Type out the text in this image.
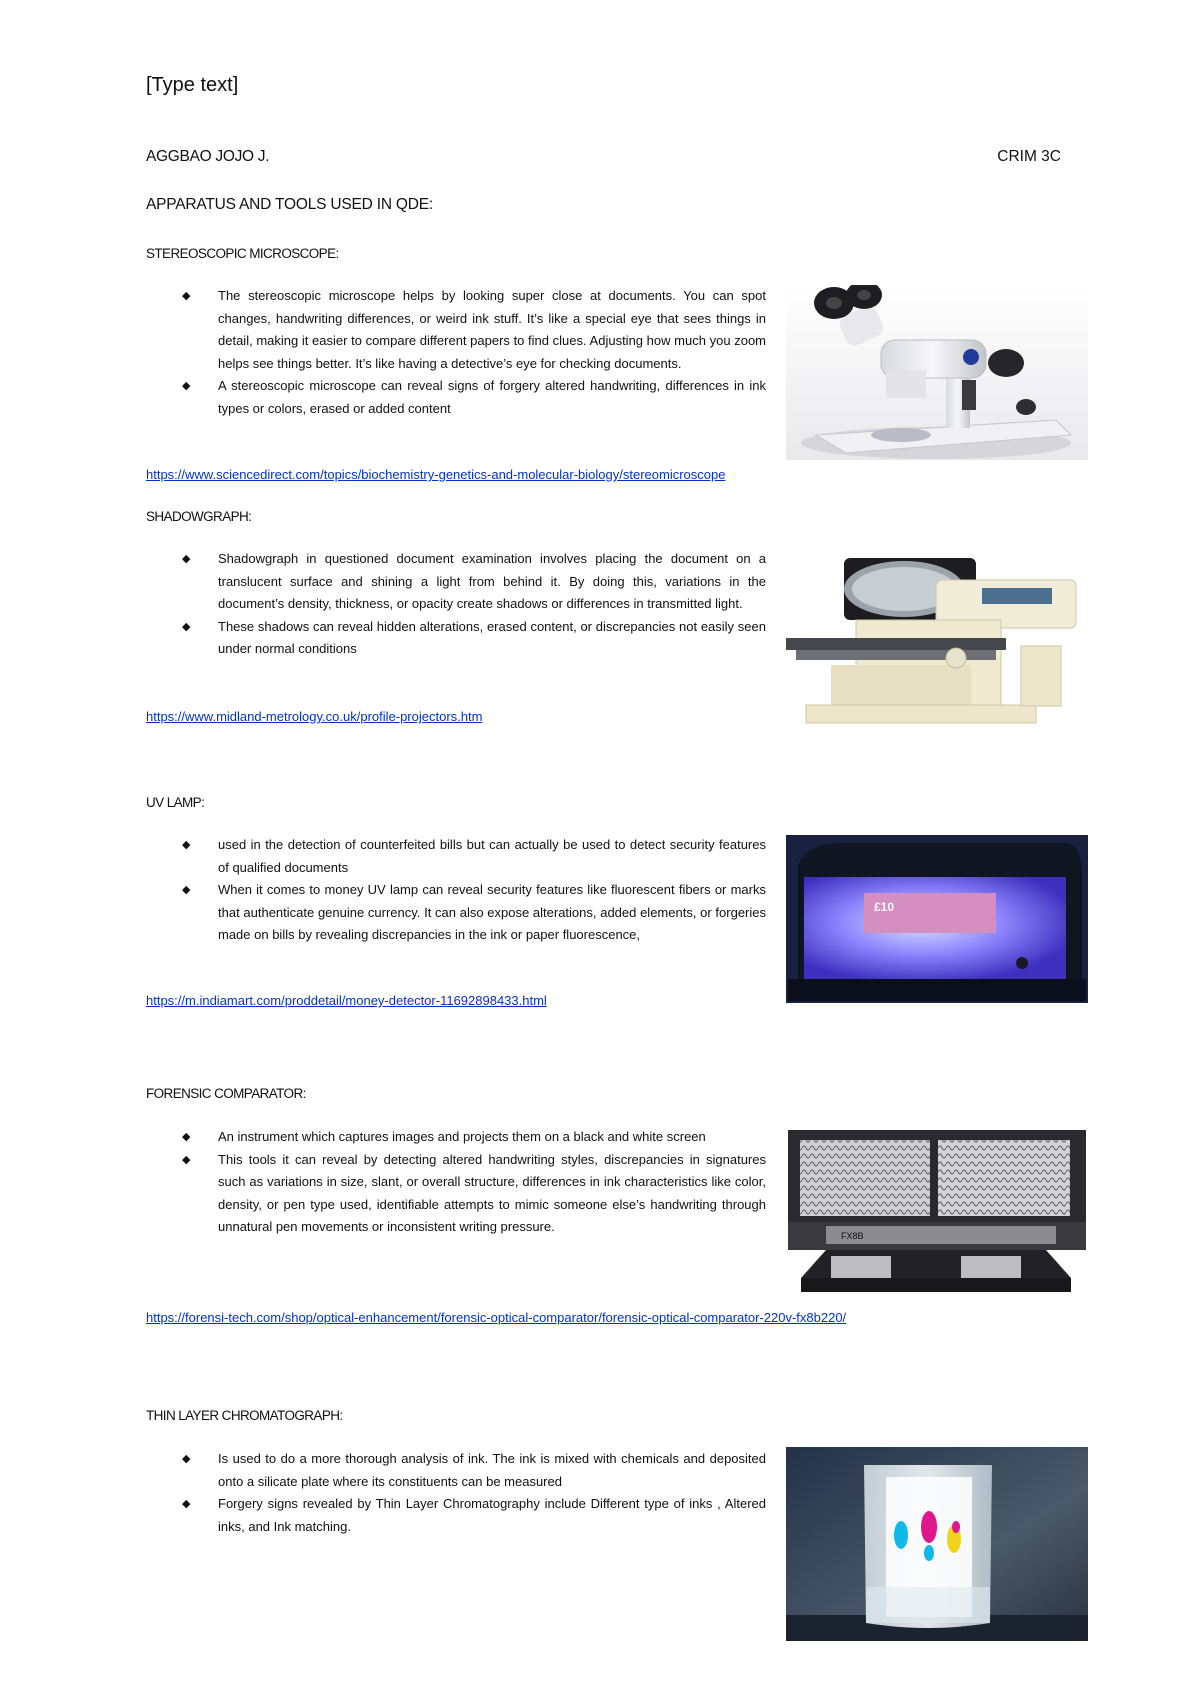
[Type text]
AGGBAO JOJO J.	CRIM 3C
APPARATUS AND TOOLS USED IN QDE:
STEREOSCOPIC MICROSCOPE:
◆ The stereoscopic microscope helps by looking super close at documents. You can spot changes, handwriting differences, or weird ink stuff. It’s like a special eye that sees things in detail, making it easier to compare different papers to find clues. Adjusting how much you zoom helps see things better. It’s like having a detective’s eye for checking documents.
◆ A stereoscopic microscope can reveal signs of forgery altered handwriting, differences in ink types or colors, erased or added content
https://www.sciencedirect.com/topics/biochemistry-genetics-and-molecular-biology/stereomicroscope
SHADOWGRAPH:
◆ Shadowgraph in questioned document examination involves placing the document on a translucent surface and shining a light from behind it. By doing this, variations in the document’s density, thickness, or opacity create shadows or differences in transmitted light.
◆ These shadows can reveal hidden alterations, erased content, or discrepancies not easily seen under normal conditions
https://www.midland-metrology.co.uk/profile-projectors.htm
UV LAMP:
◆ used in the detection of counterfeited bills but can actually be used to detect security features of qualified documents
◆ When it comes to money UV lamp can reveal security features like fluorescent fibers or marks that authenticate genuine currency. It can also expose alterations, added elements, or forgeries made on bills by revealing discrepancies in the ink or paper fluorescence,
https://m.indiamart.com/proddetail/money-detector-11692898433.html
£10
FORENSIC COMPARATOR:
◆ An instrument which captures images and projects them on a black and white screen
◆ This tools it can reveal by detecting altered handwriting styles, discrepancies in signatures such as variations in size, slant, or overall structure, differences in ink characteristics like color, density, or pen type used, identifiable attempts to mimic someone else’s handwriting through unnatural pen movements or inconsistent writing pressure.
https://forensi-tech.com/shop/optical-enhancement/forensic-optical-comparator/forensic-optical-comparator-220v-fx8b220/
FX8B
THIN LAYER CHROMATOGRAPH:
◆ Is used to do a more thorough analysis of ink. The ink is mixed with chemicals and deposited onto a silicate plate where its constituents can be measured
◆ Forgery signs revealed by Thin Layer Chromatography include Different type of inks , Altered inks, and Ink matching.
